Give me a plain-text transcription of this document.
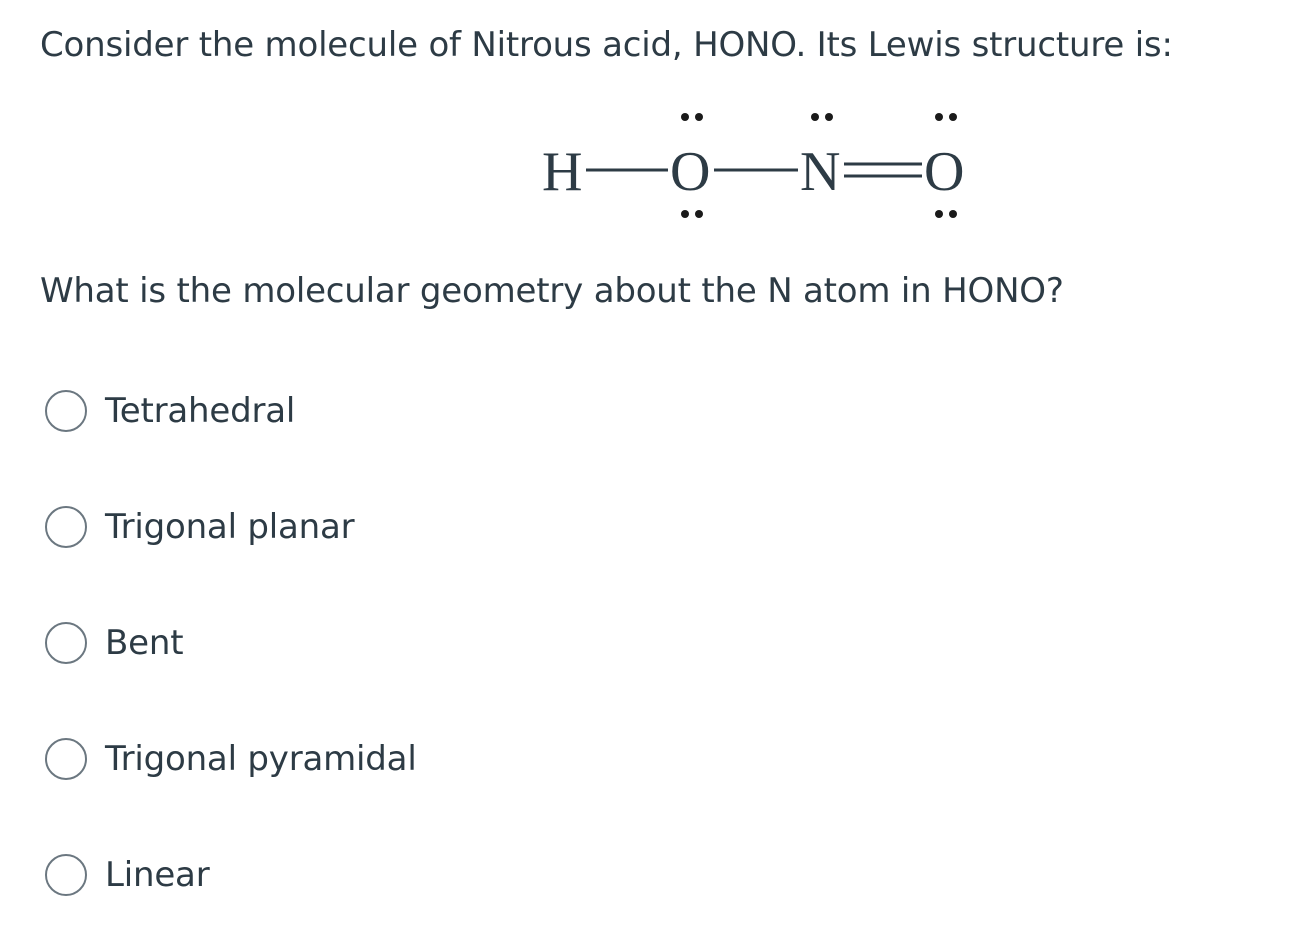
Consider the molecule of Nitrous acid, HONO. Its Lewis structure is:
H O N O
What is the molecular geometry about the N atom in HONO?
Tetrahedral
Trigonal planar
Bent
Trigonal pyramidal
Linear
